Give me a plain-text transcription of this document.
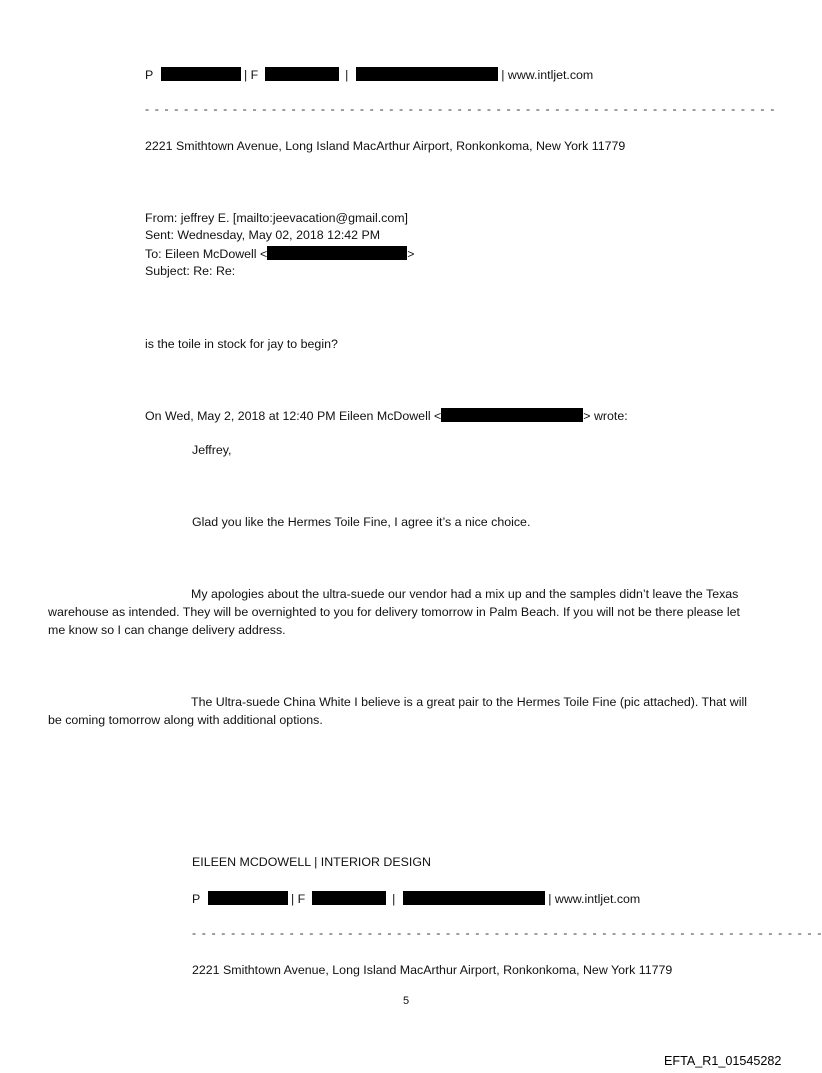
P	| F	|	| www.intljet.com
- - - - - - - - - - - - - - - - - - - - - - - - - - - - - - - - - - - - - - - - - - - - - - - - - - - - - - - - - - - - - - - - -
2221 Smithtown Avenue, Long Island MacArthur Airport, Ronkonkoma, New York 11779
From: jeffrey E. [mailto:jeevacation@gmail.com]
Sent: Wednesday, May 02, 2018 12:42 PM
To: Eileen McDowell <	>
Subject: Re: Re:
is the toile in stock for jay to begin?
On Wed, May 2, 2018 at 12:40 PM Eileen McDowell <	> wrote:
Jeffrey,
Glad you like the Hermes Toile Fine, I agree it’s a nice choice.
My apologies about the ultra-suede our vendor had a mix up and the samples didn’t leave the Texas warehouse as intended. They will be overnighted to you for delivery tomorrow in Palm Beach. If you will not be there please let me know so I can change delivery address.
The Ultra-suede China White I believe is a great pair to the Hermes Toile Fine (pic attached). That will be coming tomorrow along with additional options.
EILEEN MCDOWELL | INTERIOR DESIGN
P	| F	|	| www.intljet.com
- - - - - - - - - - - - - - - - - - - - - - - - - - - - - - - - - - - - - - - - - - - - - - - - - - - - - - - - - - - - - - - - -
2221 Smithtown Avenue, Long Island MacArthur Airport, Ronkonkoma, New York 11779
5
EFTA_R1_01545282
